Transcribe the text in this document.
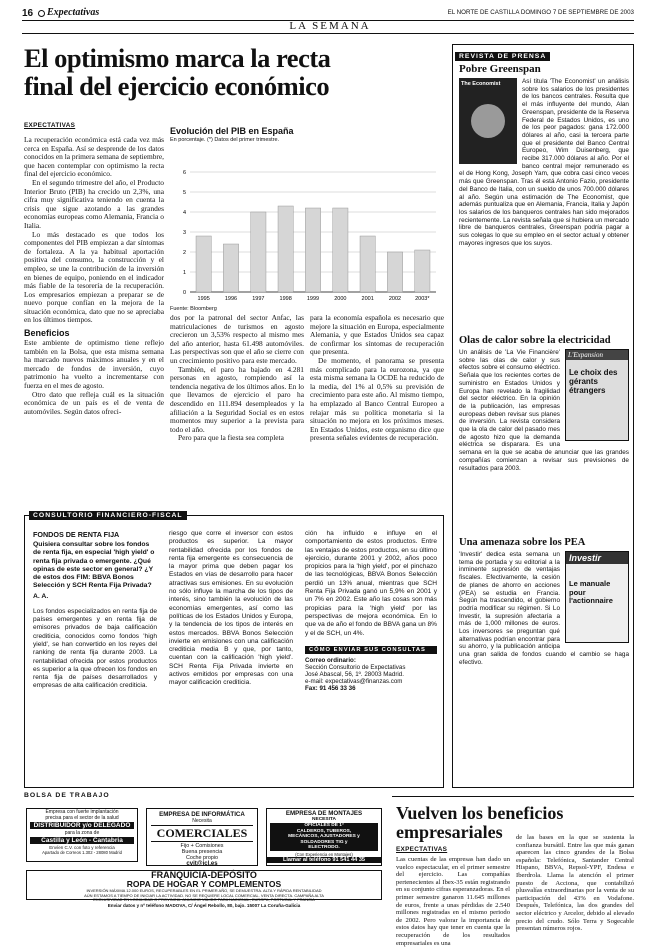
16 Expectativas	EL NORTE DE CASTILLA DOMINGO 7 DE SEPTIEMBRE DE 2003
LA SEMANA
El optimismo marca la recta
final del ejercicio económico
EXPECTATIVAS

La recuperación económica está cada vez más cerca en España. Así se desprende de los datos conocidos en la primera semana de septiembre, que hacen contemplar con optimismo la recta final del ejercicio económico.

En el segundo trimestre del año, el Producto Interior Bruto (PIB) ha crecido un 2,3%, una cifra muy significativa teniendo en cuenta la crisis que sigue azotando a las grandes economías europeas como Alemania, Francia o Italia.

Lo más destacado es que todos los componentes del PIB empiezan a dar síntomas de fortaleza. A la ya habitual aportación positiva del consumo, la construcción y el empleo, se une la contribución de la inversión en bienes de equipo, poniendo en el indicador más fiable de la tesorería de la recuperación. Los empresarios empiezan a preparar se de nuevo porque confían en la mejora de la situación económica, dato que no se apreciaba en los últimos tiempos.

Beneficios

Este ambiente de optimismo tiene reflejo también en la Bolsa, que esta misma semana ha marcado nuevos máximos anuales y en el mercado de fondos de inversión, cuyo patrimonio ha vuelto a incrementarse con fuerza en el mes de agosto.

Otro dato que refleja cuál es la situación económica de un país es el de venta de automóviles. Según datos ofreci-

Evolución del PIB en España
En porcentaje. (*) Datos del primer trimestre.
0
1
2
3
4
5
6
1995	1996	1997	1998	1999	2000	2001	2002	2003*
Fuente: Bloomberg

dos por la patronal del sector Anfac, las matriculaciones de turismos en agosto crecieron un 3,53% respecto al mismo mes del año anterior, hasta 61.498 automóviles. Las perspectivas son que el año se cierre con un crecimiento positivo para este mercado.

También, el paro ha bajado en 4.281 personas en agosto, rompiendo así la tendencia negativa de los últimos años. En lo que llevamos de ejercicio el paro ha descendido en 111.894 desempleados y la afiliación a la Seguridad Social es en estos momentos muy superior a la prevista para todo el año.

Pero para que la fiesta sea completa

para la economía española es necesario que mejore la situación en Europa, especialmente Alemania, y que Estados Unidos sea capaz de confirmar los síntomas de recuperación que presenta.

De momento, el panorama se presenta más complicado para la eurozona, ya que esta misma semana la OCDE ha reducido de la media, del 1% al 0,5% su previsión de crecimiento para este año. Al mismo tiempo, ha emplazado al Banco Central Europeo a relajar más su política monetaria si la situación no mejora en los próximos meses. En Estados Unidos, este organismo dice que presenta señales evidentes de recuperación.

CONSULTORIO FINANCIERO-FISCAL
FONDOS DE RENTA FIJA
Quisiera consultar sobre los fondos de renta fija, en especial 'high yield' o renta fija privada o emergente. ¿Qué opinas de este sector en general? ¿Y de estos dos FIM: BBVA Bonos Selección y SCH Renta Fija Privada?
A. A.

Los fondos especializados en renta fija de países emergentes y en renta fija de emisores privados de baja calificación crediticia, conocidos como fondos 'high yield', se han convertido en los reyes del ranking de renta fija durante 2003. La rentabilidad ofrecida por estos productos es superior a la que ofrecen los fondos en renta fija de países desarrollados y empresas de alta calificación crediticia.

riesgo que corre el inversor con estos productos es superior. La mayor rentabilidad ofrecida por los fondos de renta fija emergente es consecuencia de la mayor prima que deben pagar los Estados en vías de desarrollo para hacer atractivas sus emisiones. En su evolución no sólo influye la marcha de los tipos de interés, sino también la evolución de las economías emergentes, así como las políticas de los Estados Unidos y Europa, y la tendencia de los tipos de interés en estos mercados. BBVA Bonos Selección invierte en emisiones con una calificación crediticia media B y que, por tanto, cuentan con la calificación 'high yield'. SCH Renta Fija Privada invierte en activos emitidos por empresas con una mayor calificación crediticia.

ción ha influido e influye en el comportamiento de estos productos. Entre las ventajas de estos productos, en su último ejercicio, durante 2001 y 2002, años poco propicios para la 'high yield', por el pinchazo de las tecnológicas, BBVA Bonos Selección perdió un 13% anual, mientras que SCH Renta Fija Privada ganó un 5,9% en 2001 y un 7% en 2002. Este año las cosas son más propicias para la 'high yield' por las perspectivas de mejora económica. En lo que va de año el fondo de BBVA gana un 8% y el de SCH, un 4%.

CÓMO ENVIAR SUS CONSULTAS
Correo ordinario:
Sección Consultorio de Expectativas
José Abascal, 56, 1º. 28003 Madrid.
e-mail: expectativas@finanzas.com
Fax: 91 456 33 36
REVISTA DE PRENSA
Pobre Greenspan
The Economist	Así titula 'The Economist' un análisis sobre los salarios de los presidentes de los bancos centrales. Resulta que el más influyente del mundo, Alan Greenspan, presidente de la Reserva Federal de Estados Unidos, es uno de los peor pagados: gana 172.000 dólares al año, casi la tercera parte que el presidente del Banco Central Europeo, Wim Duisenberg, que recibe 317.000 dólares al año. Por el banco central mejor remunerado es el de Hong Kong, Joseph Yam, que cobra casi cinco veces más que Greenspan. Tras él está Antonio Fazio, presidente del Banco de Italia, con un sueldo de unos 700.000 dólares al año. Según una estimación de The Economist, que además puntualiza que en Alemania, Francia, Italia y Japón los salarios de los banqueros centrales han sido mejorados recientemente. La revista señala que si hubiera un mercado libre de banqueros centrales, Greenspan podría pagar a sus colegas lo que su empleo en el sector actual y obtener mayores ingresos que los suyos.

Olas de calor sobre la electricidad
L'Expansion
Le choix des gérants étrangers

Un análisis de 'La Vie Financière' sobre las olas de calor y sus efectos sobre el consumo eléctrico. Señala que los recientes cortes de suministro en Estados Unidos y Europa han revelado la fragilidad del sector eléctrico. En la opinión de la publicación, las empresas europeas deben revisar sus planes de inversión. La revista considera que la ola de calor del pasado mes de agosto hizo que la demanda eléctrica se disparara. Es una semana en la que se acaba de anunciar que las grandes compañías comienzan a revisar sus previsiones de resultados para 2003.

Una amenaza sobre los PEA
Investir
Le manuale pour l'actionnaire

'Investir' dedica esta semana un tema de portada y su editorial a la inminente supresión de ventajas fiscales. Efectivamente, la cesión de planes de ahorro en acciones (PEA) se estudia en Francia. Según ha trascendido, el gobierno podría modificar su régimen. Si Lo Investir, la supresión afectaría a más de 1,000 millones de euros. Los inversores se preguntan qué alternativas podrían encontrar para su ahorro, y la publicación anticipa una gran salida de fondos cuando el cambio se haga efectivo.

BOLSA DE TRABAJO
Empresa con fuerte implantación
precisa para el sector de la salud
DISTRIBUIDOR y/o DELEGADO
para la zona de
Castilla y León - Cantabria
Envíen C.V. con foto y referencia
Apartado de Correos 1.302 - 28080 Madrid
EMPRESA DE INFORMÁTICA
Necesita
COMERCIALES
Fijo + Comisiones
Buena presencia
Coche propio
cvit@icl.es
EMPRESA DE MONTAJES
NECESITA
OFICIALES DE 1ª
CALDEROS, TUBEROS,
MECÁNICOS, AJUSTADORES y
SOLDADORES TIG y
ELECTRODO.
(Con Experiencia en Montajes)
Llamar al teléfono 91 541 44 35
FRANQUICIA-DEPÓSITO
ROPA DE HOGAR Y COMPLEMENTOS
INVERSIÓN MÁXIMA 12.000 EUROS, RECUPERABLES EN EL PRIMER AÑO, SE DEMUESTRA. ALTA Y RÁPIDA RENTABILIDAD
AÚN ESTAMOS A TIEMPO DE INICIAR LA ACTIVIDAD. NO SE REQUIERE LOCAL COMERCIAL. VENTA DIRECTA. CAMPAÑA ALTA
EXCLUSIVIDAD EN LOCALIDAD O PROVINCIA. ANUNCIO VÁLIDO PARA NACIONAL, EUROPA, PORTUGAL Y FRANCIA
Enviar datos y nº teléfono MADOVA, C/ Ángel Rebollo, 80, bajo. 15007 La Coruña-Galicia
Vuelven los beneficios
empresariales
EXPECTATIVAS

Las cuentas de las empresas han dado un vuelco espectacular, en el primer semestre del ejercicio. Las compañías pertenecientes al Ibex-35 están registrando en su conjunto cifras esperanzadoras. En el primer semestre ganaron 11.645 millones de euros, frente a unas pérdidas de 2.540 millones registradas en el mismo periodo de 2002. Pero valorar la importancia de estos datos hay que tener en cuenta que la recuperación de los resultados empresariales es una

de las bases en la que se sustenta la confianza bursátil. Entre las que más ganan aparecen las cinco grandes de la Bolsa española: Telefónica, Santander Central Hispano, BBVA, Repsol-YPF, Endesa e Iberdrola. Llama la atención el primer puesto de Acciona, que contabilizó plusvalías extraordinarias por la venta de su participación del 43% en Vodafone. Después, Telefónica, las dos grandes del sector eléctrico y Arcelor, debido al elevado precio del crudo. Sólo Terra y Sogecable presentan números rojos.
